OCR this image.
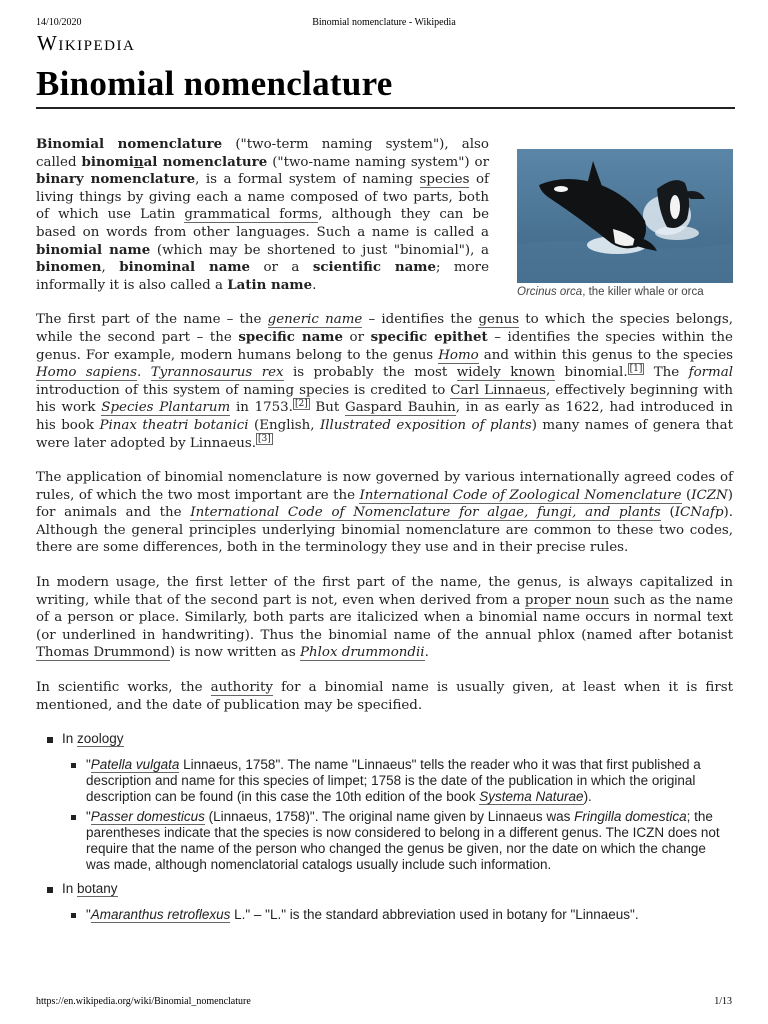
14/10/2020	Binomial nomenclature - Wikipedia
Wikipedia
Binomial nomenclature
Orcinus orca, the killer whale or orca

Binomial nomenclature ("two-term naming system"), also called binominal nomenclature ("two-name naming system") or binary nomenclature, is a formal system of naming species of living things by giving each a name composed of two parts, both of which use Latin grammatical forms, although they can be based on words from other languages. Such a name is called a binomial name (which may be shortened to just "binomial"), a binomen, binominal name or a scientific name; more informally it is also called a Latin name.

The first part of the name – the generic name – identifies the genus to which the species belongs, while the second part – the specific name or specific epithet – identifies the species within the genus. For example, modern humans belong to the genus Homo and within this genus to the species Homo sapiens. Tyrannosaurus rex is probably the most widely known binomial. [1] The formal introduction of this system of naming species is credited to Carl Linnaeus, effectively beginning with his work Species Plantarum in 1753. [2] But Gaspard Bauhin, in as early as 1622, had introduced in his book Pinax theatri botanici (English, Illustrated exposition of plants) many names of genera that were later adopted by Linnaeus. [3]

The application of binomial nomenclature is now governed by various internationally agreed codes of rules, of which the two most important are the International Code of Zoological Nomenclature (ICZN) for animals and the International Code of Nomenclature for algae, fungi, and plants (ICNafp). Although the general principles underlying binomial nomenclature are common to these two codes, there are some differences, both in the terminology they use and in their precise rules.

In modern usage, the first letter of the first part of the name, the genus, is always capitalized in writing, while that of the second part is not, even when derived from a proper noun such as the name of a person or place. Similarly, both parts are italicized when a binomial name occurs in normal text (or underlined in handwriting). Thus the binomial name of the annual phlox (named after botanist Thomas Drummond) is now written as Phlox drummondii.

In scientific works, the authority for a binomial name is usually given, at least when it is first mentioned, and the date of publication may be specified.

In zoology
"Patella vulgata Linnaeus, 1758". The name "Linnaeus" tells the reader who it was that first published a description and name for this species of limpet; 1758 is the date of the publication in which the original description can be found (in this case the 10th edition of the book Systema Naturae).
"Passer domesticus (Linnaeus, 1758)". The original name given by Linnaeus was Fringilla domestica; the parentheses indicate that the species is now considered to belong in a different genus. The ICZN does not require that the name of the person who changed the genus be given, nor the date on which the change was made, although nomenclatorial catalogs usually include such information.
In botany
"Amaranthus retroflexus L." – "L." is the standard abbreviation used in botany for "Linnaeus".
https://en.wikipedia.org/wiki/Binomial_nomenclature	1/13
